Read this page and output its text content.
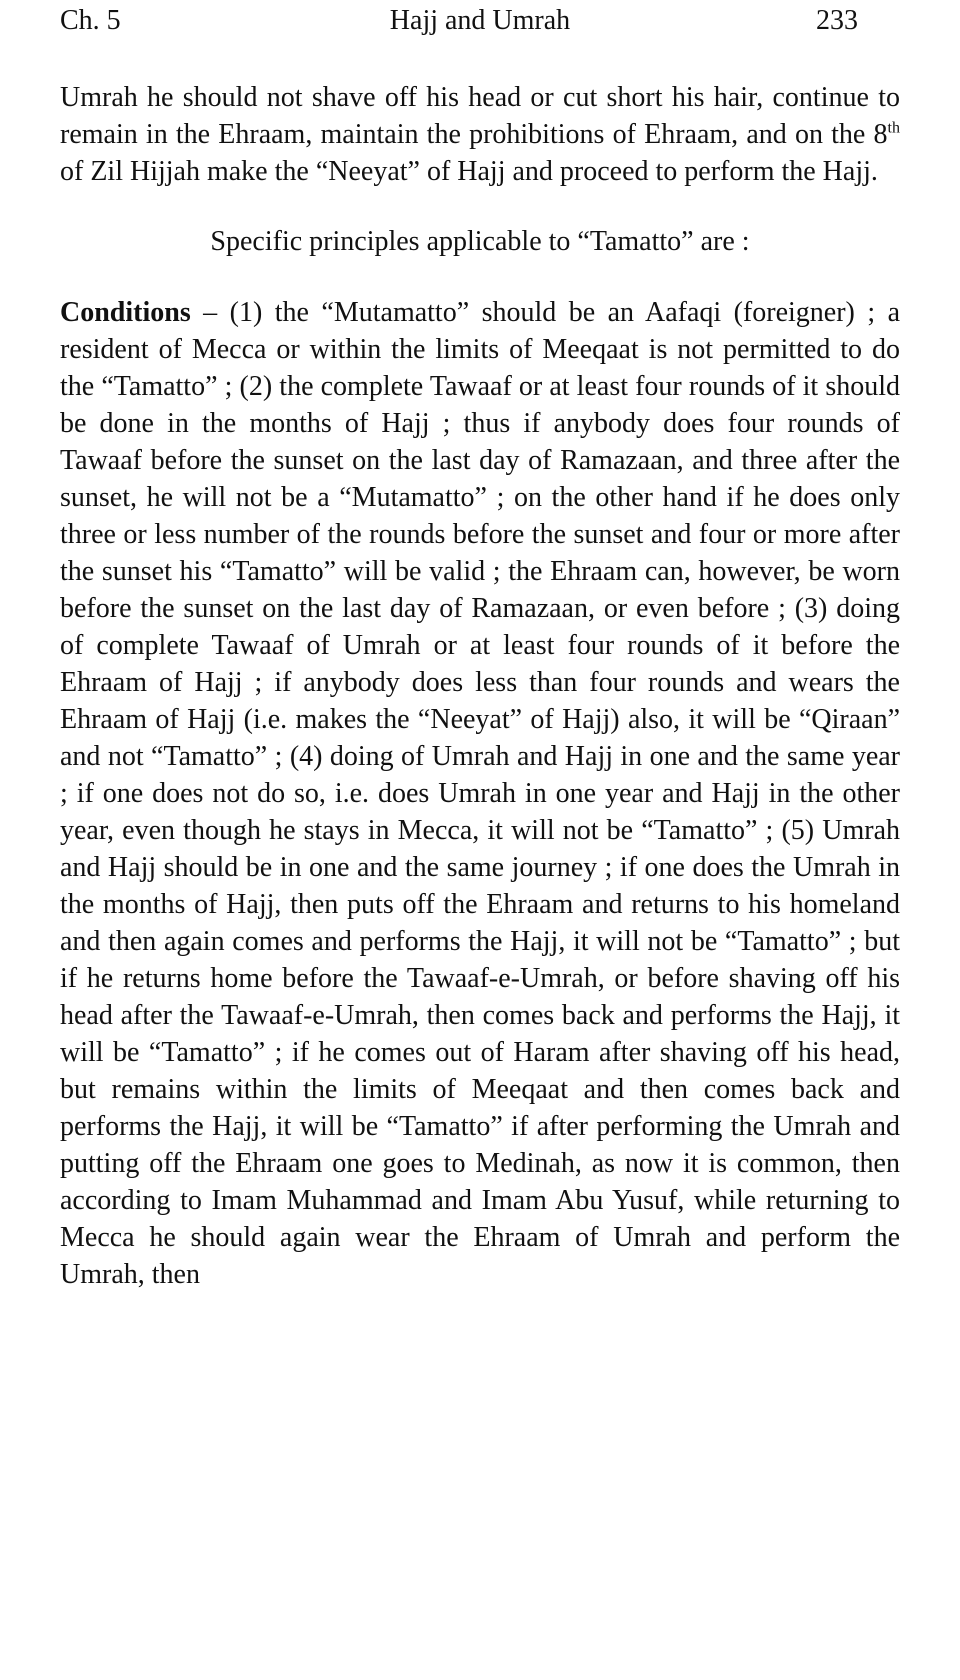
Ch. 5	Hajj and Umrah	233

Umrah he should not shave off his head or cut short his hair, continue to remain in the Ehraam, maintain the prohibitions of Ehraam, and on the 8th of Zil Hijjah make the “Neeyat” of Hajj and proceed to perform the Hajj.

Specific principles applicable to “Tamatto” are :

Conditions – (1) the “Mutamatto” should be an Aafaqi (foreigner) ; a resident of Mecca or within the limits of Meeqaat is not permitted to do the “Tamatto” ; (2) the complete Tawaaf or at least four rounds of it should be done in the months of Hajj ; thus if anybody does four rounds of Tawaaf before the sunset on the last day of Ramazaan, and three after the sunset, he will not be a “Mutamatto” ; on the other hand if he does only three or less number of the rounds before the sunset and four or more after the sunset his “Tamatto” will be valid ; the Ehraam can, however, be worn before the sunset on the last day of Ramazaan, or even before ; (3) doing of complete Tawaaf of Umrah or at least four rounds of it before the Ehraam of Hajj ; if anybody does less than four rounds and wears the Ehraam of Hajj (i.e. makes the “Neeyat” of Hajj) also, it will be “Qiraan” and not “Tamatto” ; (4) doing of Umrah and Hajj in one and the same year ; if one does not do so, i.e. does Umrah in one year and Hajj in the other year, even though he stays in Mecca, it will not be “Tamatto” ; (5) Umrah and Hajj should be in one and the same journey ; if one does the Umrah in the months of Hajj, then puts off the Ehraam and returns to his homeland and then again comes and performs the Hajj, it will not be “Tamatto” ; but if he returns home before the Tawaaf-e-Umrah, or before shaving off his head after the Tawaaf-e-Umrah, then comes back and performs the Hajj, it will be “Tamatto” ; if he comes out of Haram after shaving off his head, but remains within the limits of Meeqaat and then comes back and performs the Hajj, it will be “Tamatto” if after performing the Umrah and putting off the Ehraam one goes to Medinah, as now it is common, then according to Imam Muhammad and Imam Abu Yusuf, while returning to Mecca he should again wear the Ehraam of Umrah and perform the Umrah, then
